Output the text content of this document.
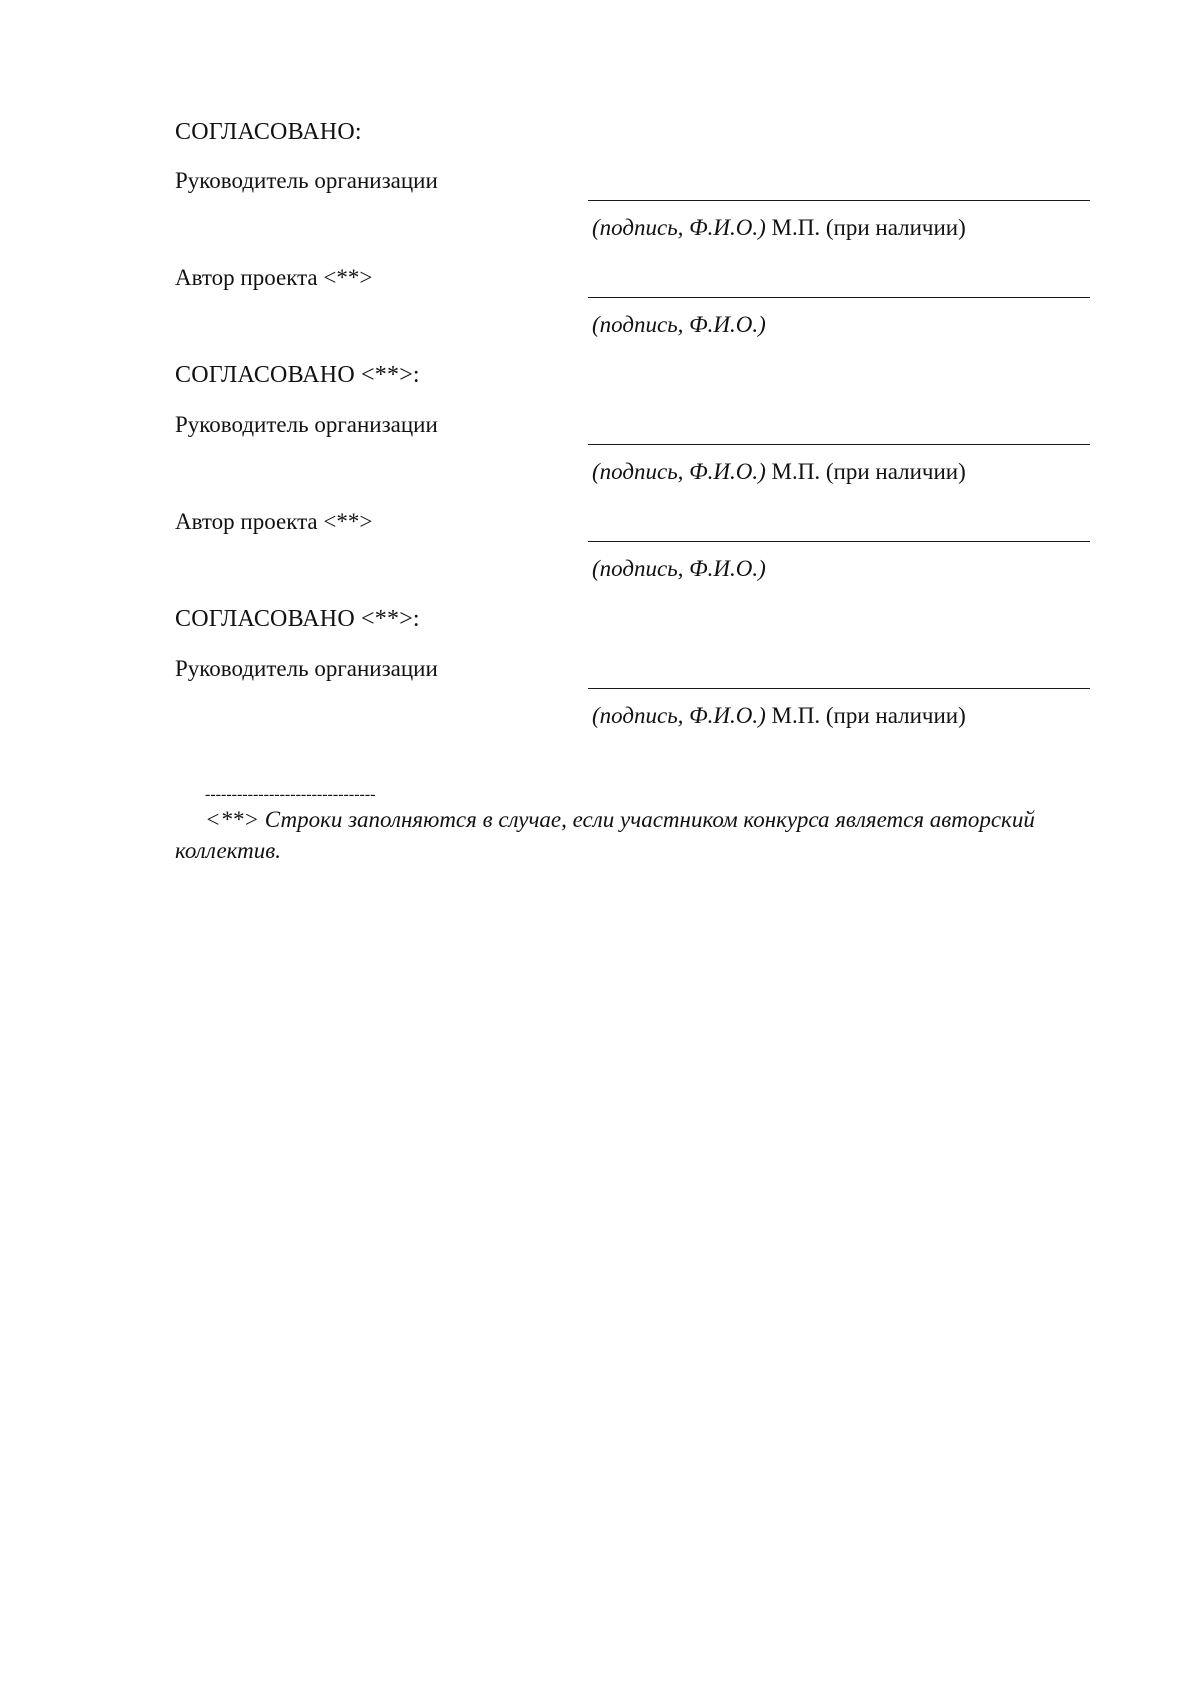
СОГЛАСОВАНО:
Руководитель организации
(подпись, Ф.И.О.) М.П. (при наличии)
Автор проекта <**>
(подпись, Ф.И.О.)
СОГЛАСОВАНО <**>:
Руководитель организации
(подпись, Ф.И.О.) М.П. (при наличии)
Автор проекта <**>
(подпись, Ф.И.О.)
СОГЛАСОВАНО <**>:
Руководитель организации
(подпись, Ф.И.О.) М.П. (при наличии)
--------------------------------
<**> Строки заполняются в случае, если участником конкурса является авторский
коллектив.
